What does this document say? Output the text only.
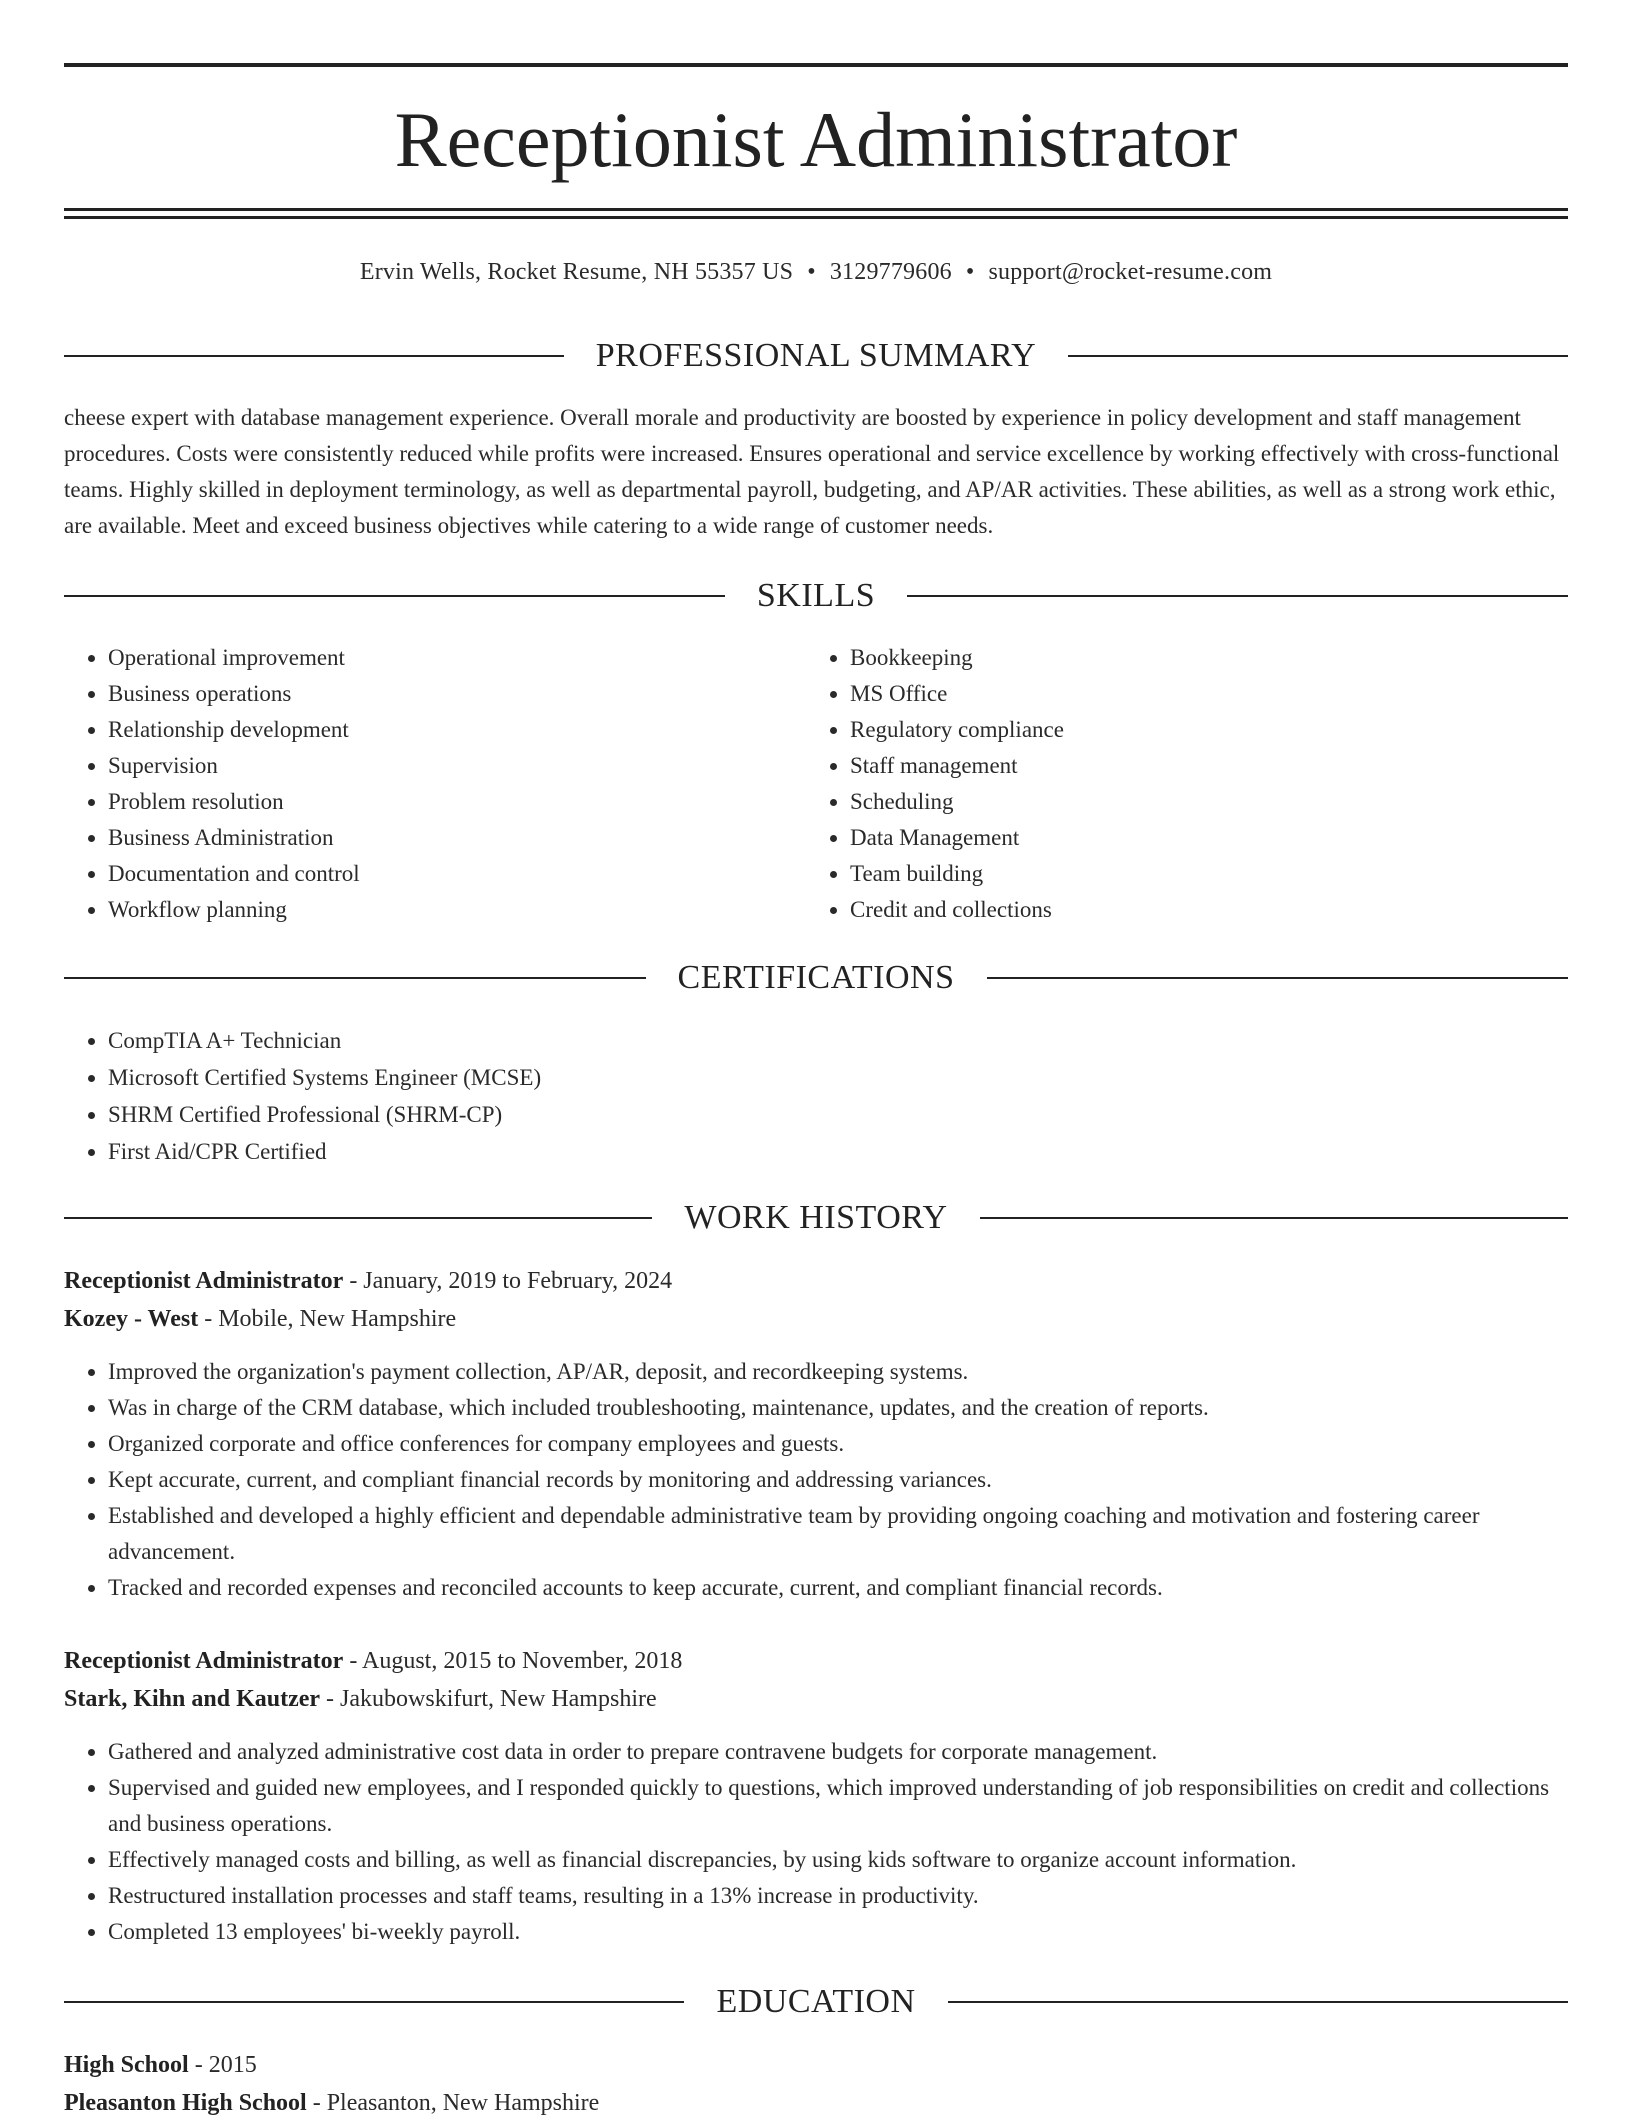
Receptionist Administrator
Ervin Wells, Rocket Resume, NH 55357 US • 3129779606 • support@rocket-resume.com
PROFESSIONAL SUMMARY

cheese expert with database management experience. Overall morale and productivity are boosted by experience in policy development and staff management procedures. Costs were consistently reduced while profits were increased. Ensures operational and service excellence by working effectively with cross-functional teams. Highly skilled in deployment terminology, as well as departmental payroll, budgeting, and AP/AR activities. These abilities, as well as a strong work ethic, are available. Meet and exceed business objectives while catering to a wide range of customer needs.

SKILLS
• Operational improvement
• Business operations
• Relationship development
• Supervision
• Problem resolution
• Business Administration
• Documentation and control
• Workflow planning
• Bookkeeping
• MS Office
• Regulatory compliance
• Staff management
• Scheduling
• Data Management
• Team building
• Credit and collections
CERTIFICATIONS
• CompTIA A+ Technician
• Microsoft Certified Systems Engineer (MCSE)
• SHRM Certified Professional (SHRM-CP)
• First Aid/CPR Certified
WORK HISTORY
Receptionist Administrator - January, 2019 to February, 2024
Kozey - West - Mobile, New Hampshire
• Improved the organization's payment collection, AP/AR, deposit, and recordkeeping systems.
• Was in charge of the CRM database, which included troubleshooting, maintenance, updates, and the creation of reports.
• Organized corporate and office conferences for company employees and guests.
• Kept accurate, current, and compliant financial records by monitoring and addressing variances.
• Established and developed a highly efficient and dependable administrative team by providing ongoing coaching and motivation and fostering career advancement.
• Tracked and recorded expenses and reconciled accounts to keep accurate, current, and compliant financial records.
Receptionist Administrator - August, 2015 to November, 2018
Stark, Kihn and Kautzer - Jakubowskifurt, New Hampshire
• Gathered and analyzed administrative cost data in order to prepare contravene budgets for corporate management.
• Supervised and guided new employees, and I responded quickly to questions, which improved understanding of job responsibilities on credit and collections and business operations.
• Effectively managed costs and billing, as well as financial discrepancies, by using kids software to organize account information.
• Restructured installation processes and staff teams, resulting in a 13% increase in productivity.
• Completed 13 employees' bi-weekly payroll.
EDUCATION
High School - 2015
Pleasanton High School - Pleasanton, New Hampshire
